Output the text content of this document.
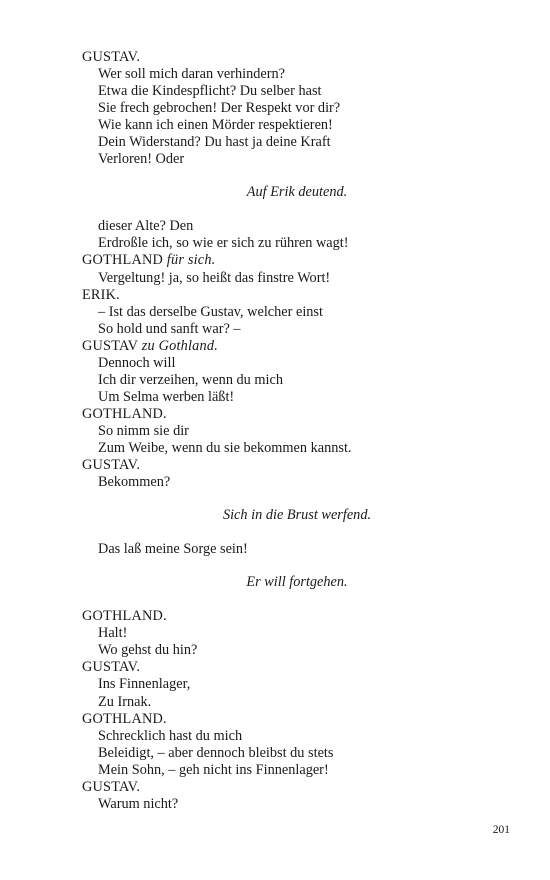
GUSTAV.
Wer soll mich daran verhindern?
Etwa die Kindespflicht? Du selber hast
Sie frech gebrochen! Der Respekt vor dir?
Wie kann ich einen Mörder respektieren!
Dein Widerstand? Du hast ja deine Kraft
Verloren! Oder
Auf Erik deutend.
dieser Alte? Den
Erdroßle ich, so wie er sich zu rühren wagt!
GOTHLAND für sich.
Vergeltung! ja, so heißt das finstre Wort!
ERIK.
– Ist das derselbe Gustav, welcher einst
So hold und sanft war? –
GUSTAV zu Gothland.
Dennoch will
Ich dir verzeihen, wenn du mich
Um Selma werben läßt!
GOTHLAND.
So nimm sie dir
Zum Weibe, wenn du sie bekommen kannst.
GUSTAV.
Bekommen?
Sich in die Brust werfend.
Das laß meine Sorge sein!
Er will fortgehen.
GOTHLAND.
Halt!
Wo gehst du hin?
GUSTAV.
Ins Finnenlager,
Zu Irnak.
GOTHLAND.
Schrecklich hast du mich
Beleidigt, – aber dennoch bleibst du stets
Mein Sohn, – geh nicht ins Finnenlager!
GUSTAV.
Warum nicht?
201
